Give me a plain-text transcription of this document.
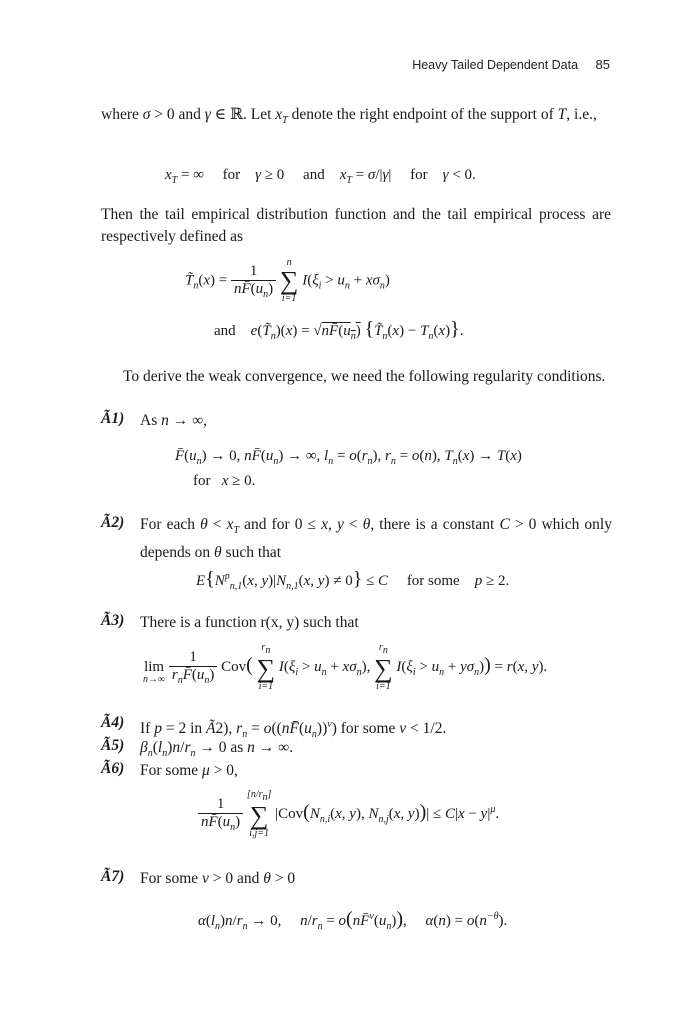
Heavy Tailed Dependent Data 85
where σ > 0 and γ ∈ ℝ. Let $x_T$ denote the right endpoint of the support of T, i.e.,
$x_T$ = ∞     for    γ ≥ 0     and    $x_T = \sigma/|\gamma|$     for    γ < 0.
Then the tail empirical distribution function and the tail empirical process are respectively defined as
$T̃_n(x) = \frac{1}{nF̄(u_n)}$
	n
∑
i=1
$I(\xi_i > u_n + x\sigma_n)$
and    $e(T̃_n)(x)$ = $√nF̄(u_n)$ $\{T̃_n(x) - T_n(x)\}$.
To derive the weak convergence, we need the following regularity conditions.
Ã1) As n → ∞,
$F̄(u_n) \to 0$, $nF̄(u_n)$ → ∞, $l_n = o(r_n)$, $r_n = o(n)$, $T_n(x) \to T(x)$
for   x ≥ 0.
Ã2) For each $\theta < x_T$ and for 0 ≤ x, y < θ, there is a constant C > 0 which only depends on θ such that
$E\{N^p_{n,1}(x$, $y)|N_{n,1}(x$, y) ≠ 0} ≤ C     for some    p ≥ 2.
Ã3) There is a function r(x, y) such that

lim
n→∞
$\frac{1}{r_nF̄(u_n)} Cov$(
$r_n$
∑
i=1
$I(\xi_i > u_n + x\sigma_n)$,
$r_n$
∑
i=1
$I(\xi_i > u_n + y\sigma_n)) = r(x$, y).
Ã4) If p = 2 in Ã2), $r_n$ = $o((nF̄(u_n))^\nu)$ for some ν < 1/2.
Ã5) $\beta_n(l_n)n/r_n \to 0$ as n → ∞.
Ã6) For some μ > 0,
$\frac{1}{nF̄(u_n)}$

$[n/r_n]$
∑
i,j=1
$|Cov(N_{n,i}(x$, y), $N_{n,j}(x$, $y))| \le C|x - y|^\mu$.
Ã7) For some ν > 0 and θ > 0
$\alpha(l_n)n/r_n \to 0$,     $n/r_n$ = $o(nF̄^\nu(u_n))$,     $\alpha(n) = o(n^{-\theta})$.
